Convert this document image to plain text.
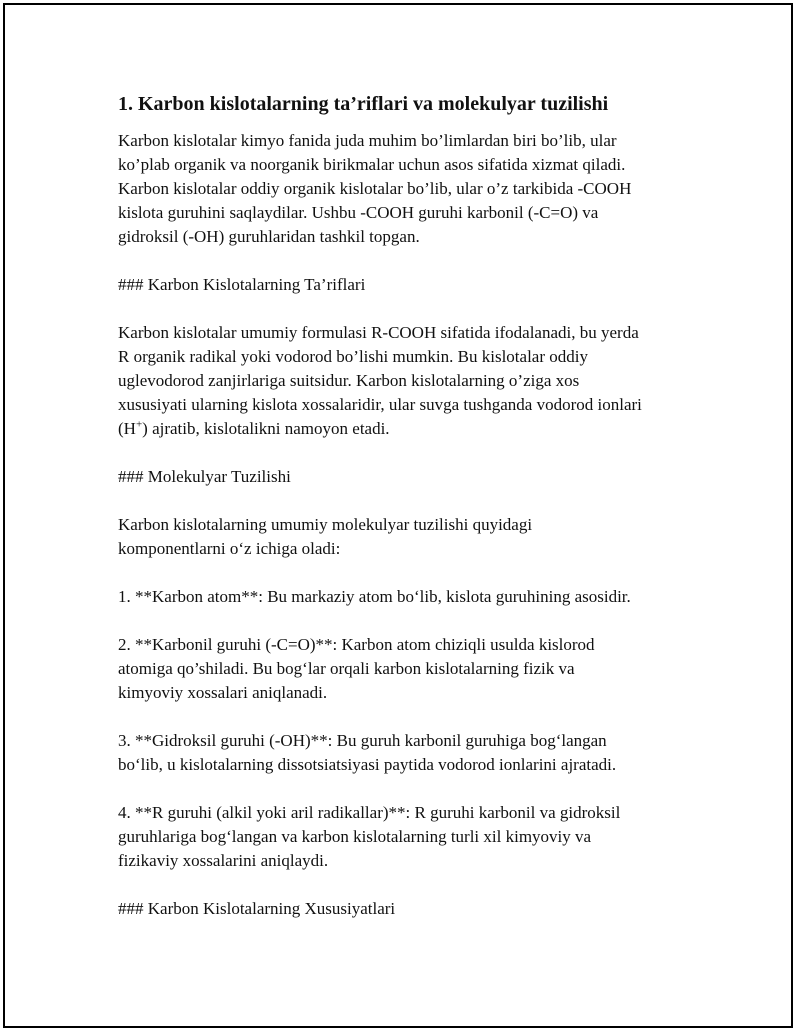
1. Karbon kislotalarning ta’riflari va molekulyar tuzilishi
Karbon kislotalar kimyo fanida juda muhim bo’limlardan biri bo’lib, ular
ko’plab organik va noorganik birikmalar uchun asos sifatida xizmat qiladi.
Karbon kislotalar oddiy organik kislotalar bo’lib, ular o’z tarkibida -COOH
kislota guruhini saqlaydilar. Ushbu -COOH guruhi karbonil (-C=O) va
gidroksil (-OH) guruhlaridan tashkil topgan.
### Karbon Kislotalarning Ta’riflari
Karbon kislotalar umumiy formulasi R-COOH sifatida ifodalanadi, bu yerda
R organik radikal yoki vodorod bo’lishi mumkin. Bu kislotalar oddiy
uglevodorod zanjirlariga suitsidur. Karbon kislotalarning o’ziga xos
xususiyati ularning kislota xossalaridir, ular suvga tushganda vodorod ionlari
(H+) ajratib, kislotalikni namoyon etadi.
### Molekulyar Tuzilishi
Karbon kislotalarning umumiy molekulyar tuzilishi quyidagi
komponentlarni o‘z ichiga oladi:
1. **Karbon atom**: Bu markaziy atom bo‘lib, kislota guruhining asosidir.
2. **Karbonil guruhi (-C=O)**: Karbon atom chiziqli usulda kislorod
atomiga qo’shiladi. Bu bog‘lar orqali karbon kislotalarning fizik va
kimyoviy xossalari aniqlanadi.
3. **Gidroksil guruhi (-OH)**: Bu guruh karbonil guruhiga bog‘langan
bo‘lib, u kislotalarning dissotsiatsiyasi paytida vodorod ionlarini ajratadi.
4. **R guruhi (alkil yoki aril radikallar)**: R guruhi karbonil va gidroksil
guruhlariga bog‘langan va karbon kislotalarning turli xil kimyoviy va
fizikaviy xossalarini aniqlaydi.
### Karbon Kislotalarning Xususiyatlari
